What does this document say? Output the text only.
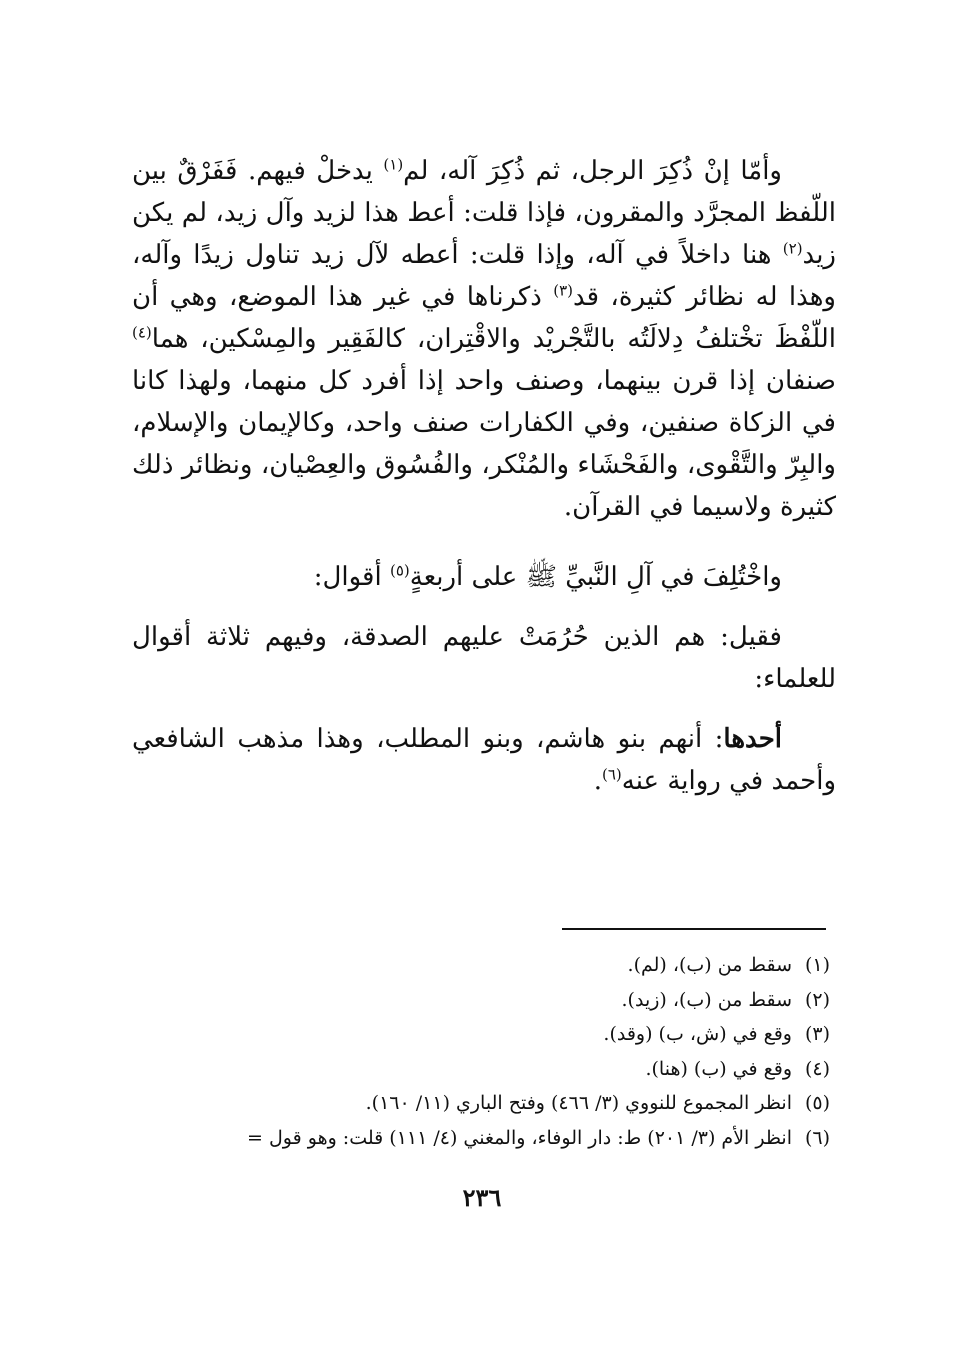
وأمّا إنْ ذُكِرَ الرجل، ثم ذُكِرَ آله، لم$^{(١)}$ يدخلْ فيهم. فَفَرْقٌ بين اللّفظ المجرَّد والمقرون، فإذا قلت: أعط هذا لزيد وآل زيد، لم يكن زيد$^{(٢)}$ هنا داخلاً في آله، وإذا قلت: أعطه لآل زيد تناول زيدًا وآله، وهذا له نظائر كثيرة، قد$^{(٣)}$ ذكرناها في غير هذا الموضع، وهي أن اللّفْظَ تخْتلفُ دِلالَتُه بالتَّجْريْد والاقْتِران، كالفَقِير والمِسْكين، هما$^{(٤)}$ صنفان إذا قرن بينهما، وصنف واحد إذا أفرد كل منهما، ولهذا كانا في الزكاة صنفين، وفي الكفارات صنف واحد، وكالإيمان والإسلام، والبِرّ والتَّقْوى، والفَحْشَاء والمُنْكر، والفُسُوق والعِصْيان، ونظائر ذلك كثيرة ولاسيما في القرآن.

واخْتُلِفَ في آلِ النَّبيِّ ﷺ على أربعةٍ$^{(٥)}$ أقوال:

فقيل: هم الذين حُرُمَتْ عليهم الصدقة، وفيهم ثلاثة أقوال للعلماء:

أحدها: أنهم بنو هاشم، وبنو المطلب، وهذا مذهب الشافعي وأحمد في رواية عنه$^{(٦)}$.

(١)سقط من (ب)، (لم).
(٢)سقط من (ب)، (زيد).
(٣)وقع في (ش، ب) (وقد).
(٤)وقع في (ب) (هنا).
(٥)انظر المجموع للنووي (٣/ ٤٦٦) وفتح الباري (١١/ ١٦٠).
(٦)انظر الأم (٣/ ٢٠١) ط: دار الوفاء، والمغني (٤/ ١١١) قلت: وهو قول =
٢٣٦
